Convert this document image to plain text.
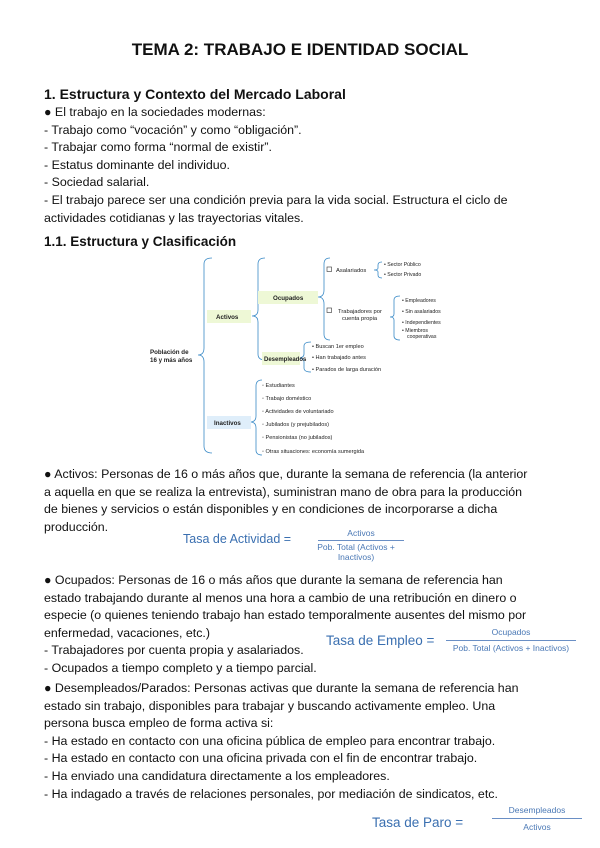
TEMA 2: TRABAJO E IDENTIDAD SOCIAL
1. Estructura y Contexto del Mercado Laboral
● El trabajo en la sociedades modernas:
- Trabajo como “vocación” y como “obligación”.
- Trabajar como forma “normal de existir”.
- Estatus dominante del individuo.
- Sociedad salarial.
- El trabajo parece ser una condición previa para la vida social. Estructura el ciclo de
actividades cotidianas y las trayectorias vitales.
1.1. Estructura y Clasificación
Población de 16 y más años
Activos
Ocupados
Desempleados
Inactivos
Asalariados
• Sector Público
• Sector Privado
Trabajadores por cuenta propia
• Empleadores
• Sin asalariados
• Independientes
• Miembros cooperativas
• Buscan 1er empleo
• Han trabajado antes
• Parados de larga duración
◦ Estudiantes
◦ Trabajo doméstico
◦ Actividades de voluntariado
◦ Jubilados (y prejubilados)
◦ Pensionistas (no jubilados)
◦ Otras situaciones: economía sumergida
● Activos: Personas de 16 o más años que, durante la semana de referencia (la anterior
a aquella en que se realiza la entrevista), suministran mano de obra para la producción
de bienes y servicios o están disponibles y en condiciones de incorporarse a dicha
producción.
Tasa de Actividad =	Activos
Pob. Total (Activos + Inactivos)
● Ocupados: Personas de 16 o más años que durante la semana de referencia han
estado trabajando durante al menos una hora a cambio de una retribución en dinero o
especie (o quienes teniendo trabajo han estado temporalmente ausentes del mismo por
enfermedad, vacaciones, etc.)
- Trabajadores por cuenta propia y asalariados.
- Ocupados a tiempo completo y a tiempo parcial.
Tasa de Empleo =
Ocupados
Pob. Total (Activos + Inactivos)
● Desempleados/Parados: Personas activas que durante la semana de referencia han
estado sin trabajo, disponibles para trabajar y buscando activamente empleo. Una
persona busca empleo de forma activa si:
- Ha estado en contacto con una oficina pública de empleo para encontrar trabajo.
- Ha estado en contacto con una oficina privada con el fin de encontrar trabajo.
- Ha enviado una candidatura directamente a los empleadores.
- Ha indagado a través de relaciones personales, por mediación de sindicatos, etc.
Tasa de Paro =
Desempleados
Activos
